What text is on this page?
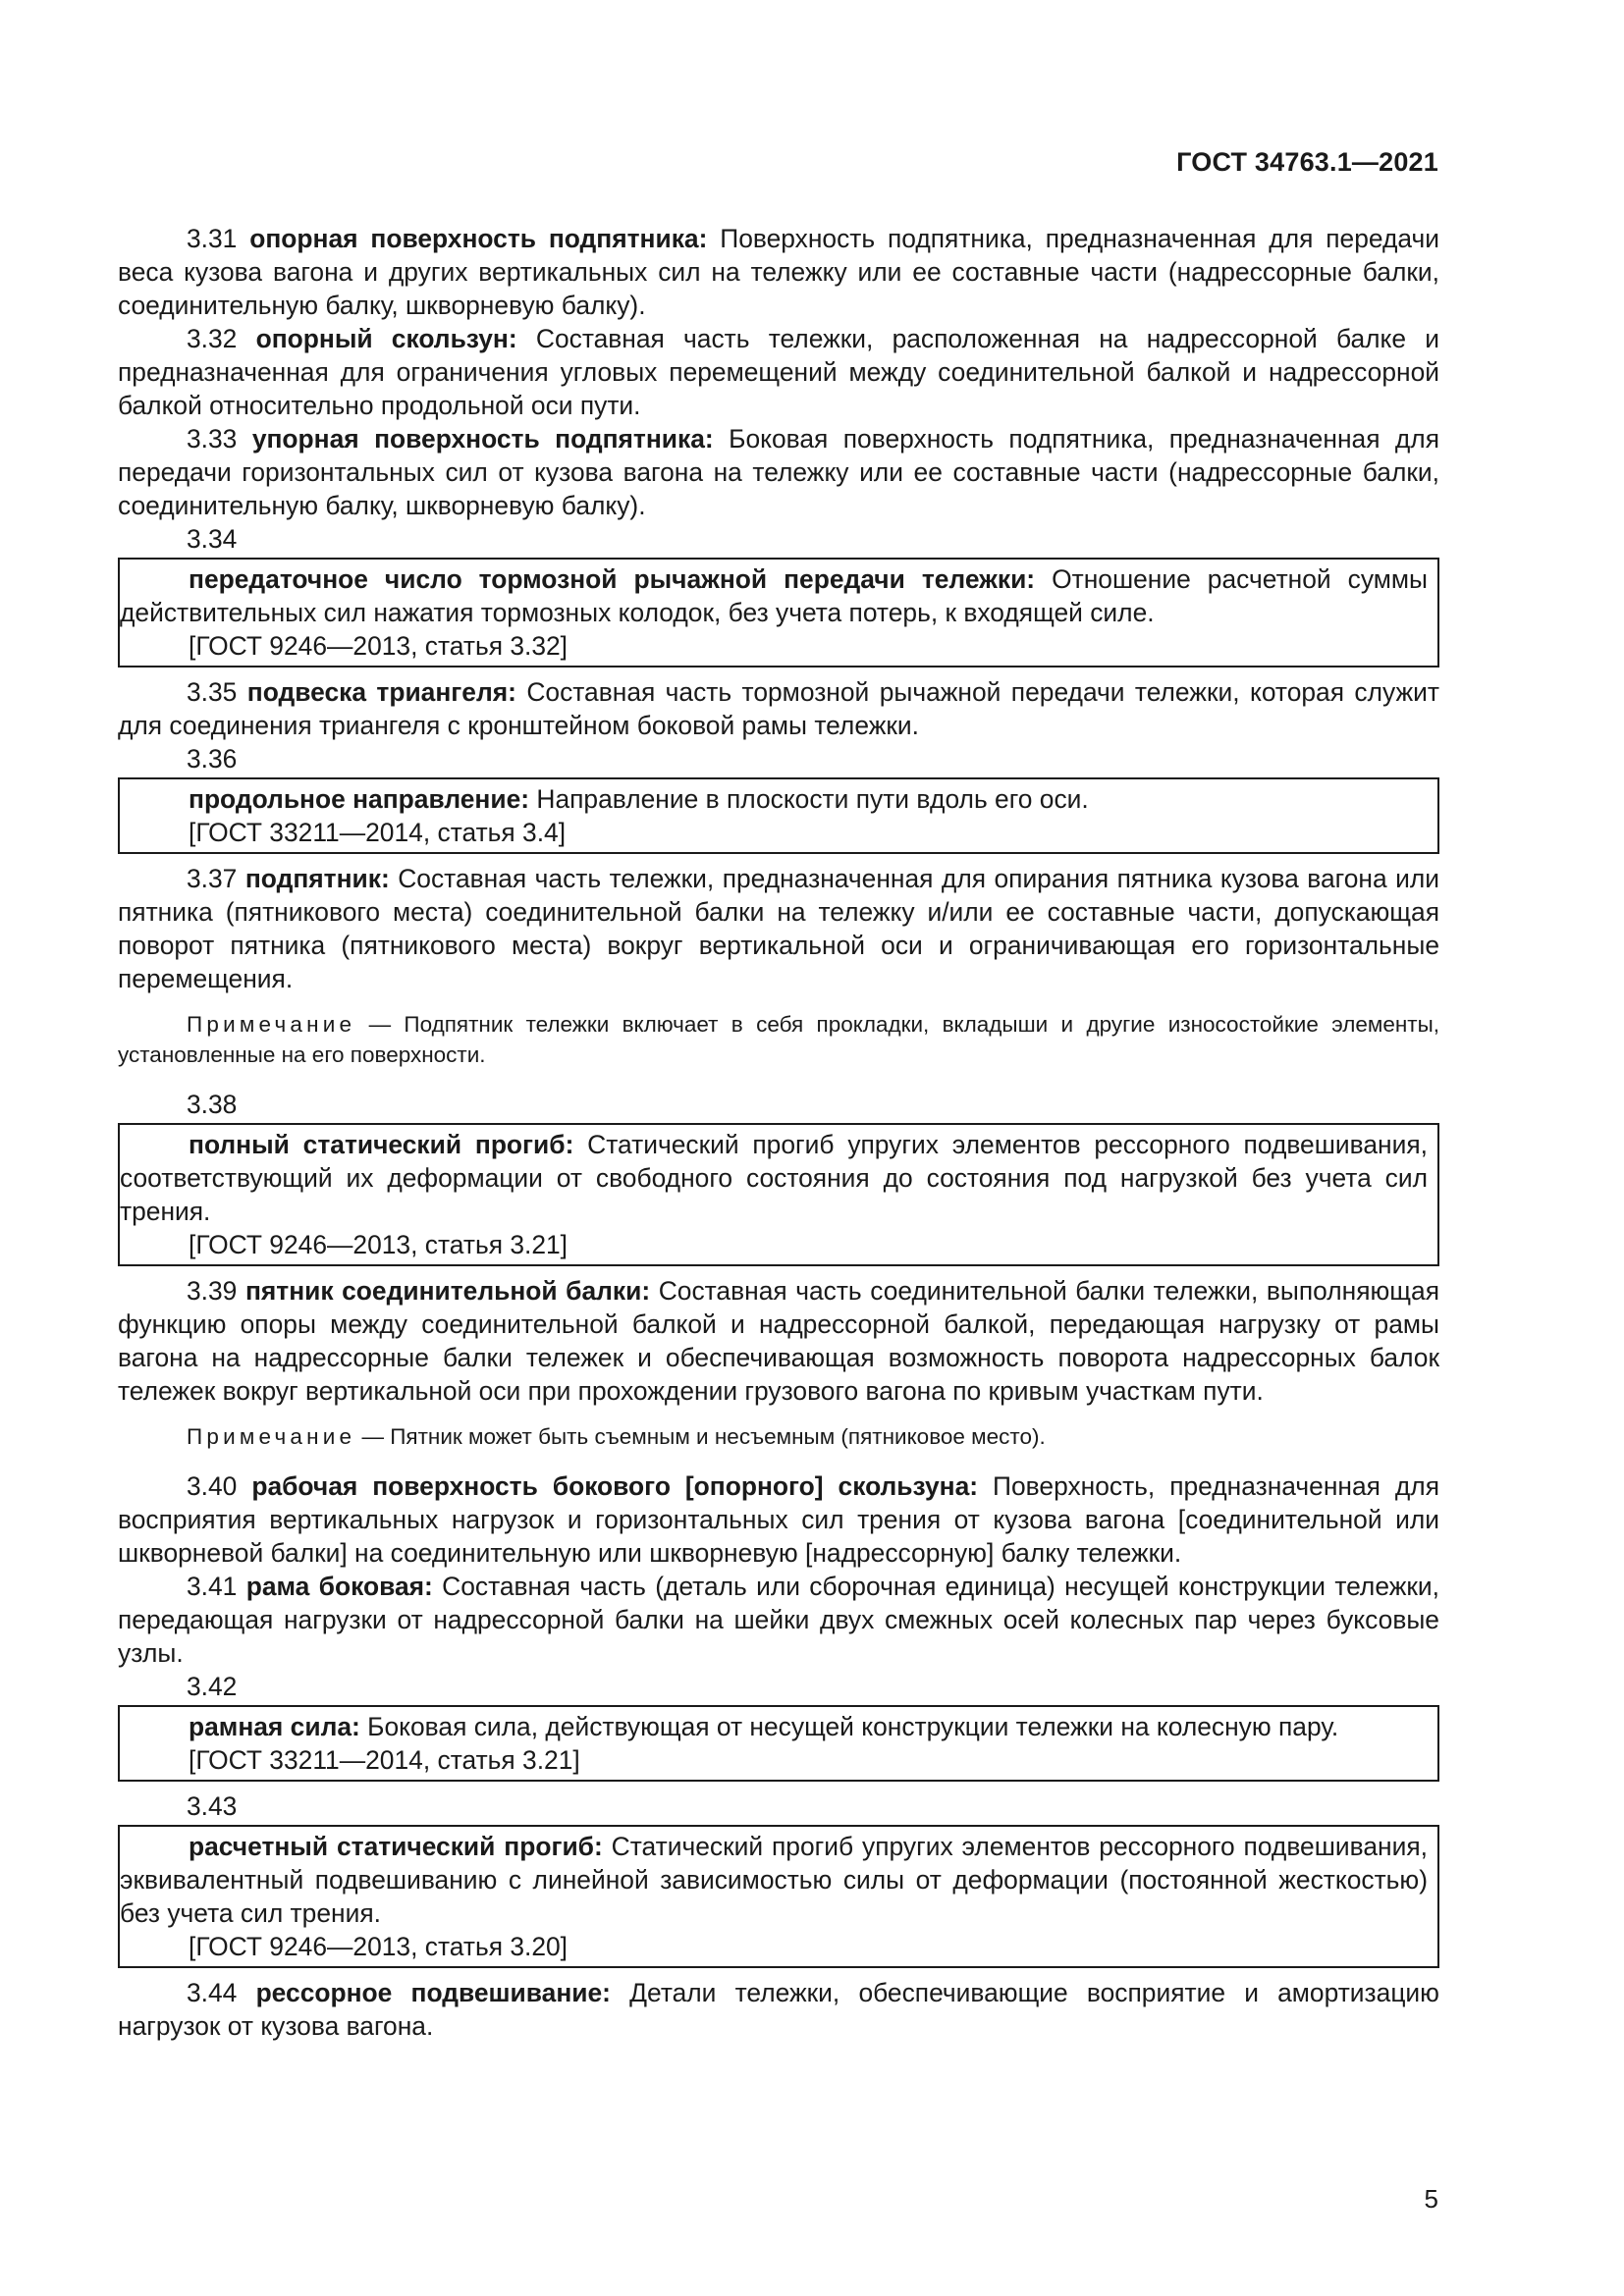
ГОСТ 34763.1—2021

3.31 опорная поверхность подпятника: Поверхность подпятника, предназначенная для передачи веса кузова вагона и других вертикальных сил на тележку или ее составные части (надрессорные балки, соединительную балку, шкворневую балку).

3.32 опорный скользун: Составная часть тележки, расположенная на надрессорной балке и предназначенная для ограничения угловых перемещений между соединительной балкой и надрессорной балкой относительно продольной оси пути.

3.33 упорная поверхность подпятника: Боковая поверхность подпятника, предназначенная для передачи горизонтальных сил от кузова вагона на тележку или ее составные части (надрессорные балки, соединительную балку, шкворневую балку).

3.34

передаточное число тормозной рычажной передачи тележки: Отношение расчетной суммы действительных сил нажатия тормозных колодок, без учета потерь, к входящей силе.

[ГОСТ 9246—2013, статья 3.32]

3.35 подвеска триангеля: Составная часть тормозной рычажной передачи тележки, которая служит для соединения триангеля с кронштейном боковой рамы тележки.

3.36

продольное направление: Направление в плоскости пути вдоль его оси.

[ГОСТ 33211—2014, статья 3.4]

3.37 подпятник: Составная часть тележки, предназначенная для опирания пятника кузова вагона или пятника (пятникового места) соединительной балки на тележку и/или ее составные части, допускающая поворот пятника (пятникового места) вокруг вертикальной оси и ограничивающая его горизонтальные перемещения.

Примечание — Подпятник тележки включает в себя прокладки, вкладыши и другие износостойкие элементы, установленные на его поверхности.

3.38

полный статический прогиб: Статический прогиб упругих элементов рессорного подвешивания, соответствующий их деформации от свободного состояния до состояния под нагрузкой без учета сил трения.

[ГОСТ 9246—2013, статья 3.21]

3.39 пятник соединительной балки: Составная часть соединительной балки тележки, выполняющая функцию опоры между соединительной балкой и надрессорной балкой, передающая нагрузку от рамы вагона на надрессорные балки тележек и обеспечивающая возможность поворота надрессорных балок тележек вокруг вертикальной оси при прохождении грузового вагона по кривым участкам пути.

Примечание — Пятник может быть съемным и несъемным (пятниковое место).

3.40 рабочая поверхность бокового [опорного] скользуна: Поверхность, предназначенная для восприятия вертикальных нагрузок и горизонтальных сил трения от кузова вагона [соединительной или шкворневой балки] на соединительную или шкворневую [надрессорную] балку тележки.

3.41 рама боковая: Составная часть (деталь или сборочная единица) несущей конструкции тележки, передающая нагрузки от надрессорной балки на шейки двух смежных осей колесных пар через буксовые узлы.

3.42

рамная сила: Боковая сила, действующая от несущей конструкции тележки на колесную пару.

[ГОСТ 33211—2014, статья 3.21]

3.43

расчетный статический прогиб: Статический прогиб упругих элементов рессорного подвешивания, эквивалентный подвешиванию с линейной зависимостью силы от деформации (постоянной жесткостью) без учета сил трения.

[ГОСТ 9246—2013, статья 3.20]

3.44 рессорное подвешивание: Детали тележки, обеспечивающие восприятие и амортизацию нагрузок от кузова вагона.

5
